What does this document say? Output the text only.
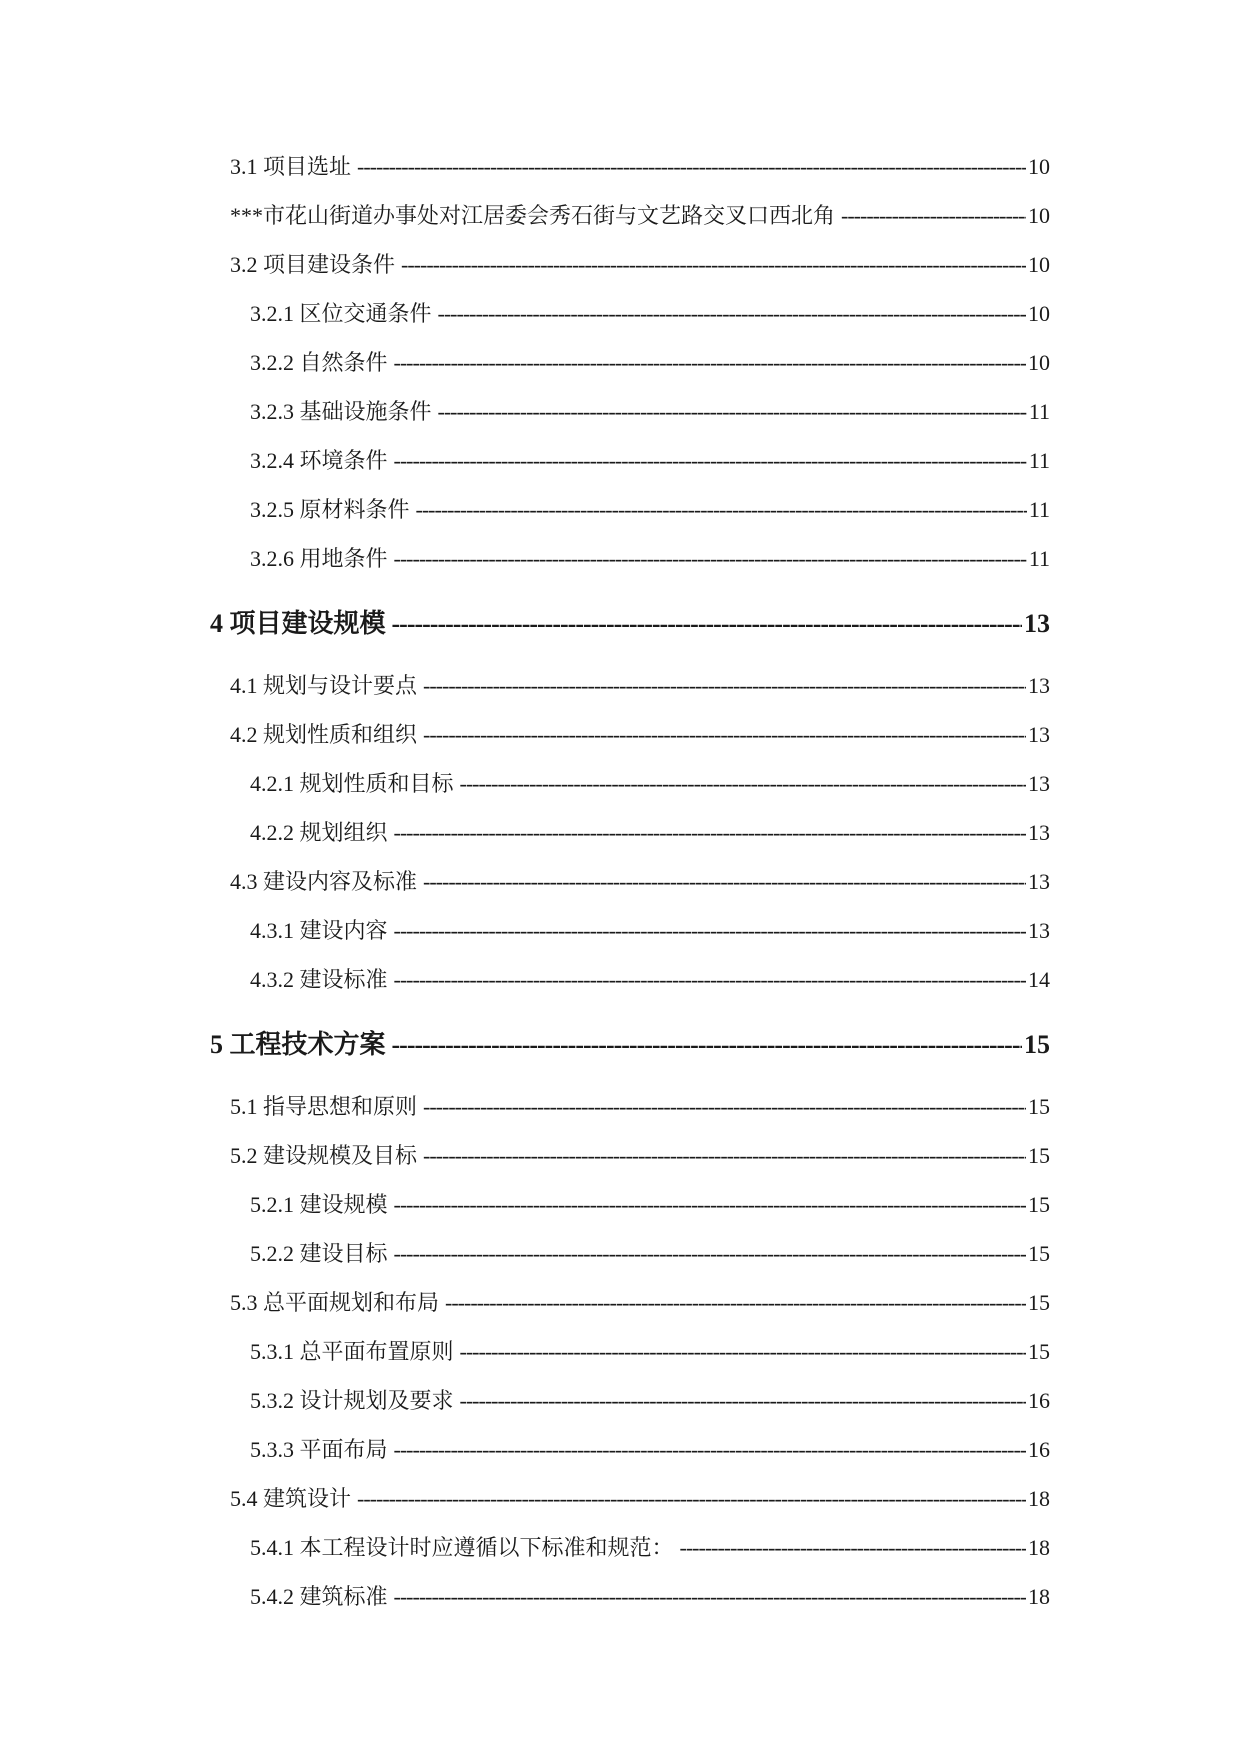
3.1 项目选址 -----	10
***市花山街道办事处对江居委会秀石街与文艺路交叉口西北角 -----	10
3.2 项目建设条件 -----	10
3.2.1 区位交通条件 -----	10
3.2.2 自然条件 -----	10
3.2.3 基础设施条件 -----	11
3.2.4 环境条件 -----	11
3.2.5 原材料条件 -----	11
3.2.6 用地条件 -----	11
4 项目建设规模 -----	13
4.1 规划与设计要点 -----	13
4.2 规划性质和组织 -----	13
4.2.1 规划性质和目标 -----	13
4.2.2 规划组织 -----	13
4.3 建设内容及标准 -----	13
4.3.1 建设内容 -----	13
4.3.2 建设标准 -----	14
5 工程技术方案 -----	15
5.1 指导思想和原则 -----	15
5.2 建设规模及目标 -----	15
5.2.1 建设规模 -----	15
5.2.2 建设目标 -----	15
5.3 总平面规划和布局 -----	15
5.3.1 总平面布置原则 -----	15
5.3.2 设计规划及要求 -----	16
5.3.3 平面布局 -----	16
5.4 建筑设计 -----	18
5.4.1 本工程设计时应遵循以下标准和规范： -----	18
5.4.2 建筑标准 -----	18
